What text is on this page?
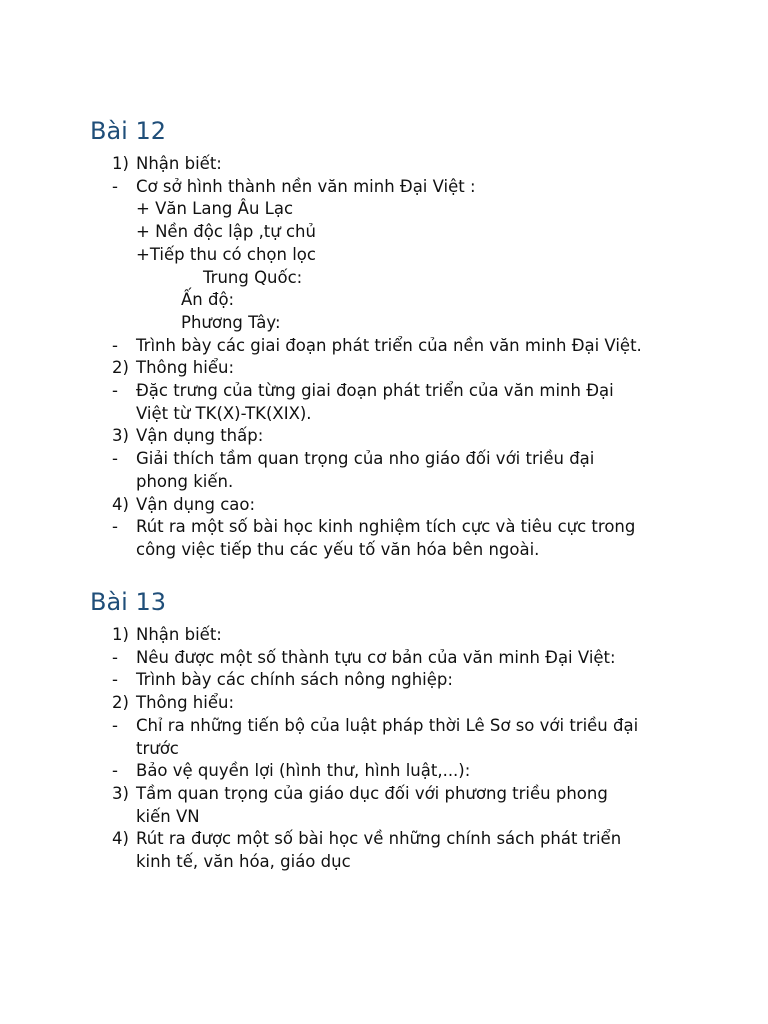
Bài 12
1) Nhận biết:
- Cơ sở hình thành nền văn minh Đại Việt :
+ Văn Lang Âu Lạc
+ Nền độc lập ,tự chủ
+Tiếp thu có chọn lọc
Trung Quốc:
Ấn độ:
Phương Tây:
- Trình bày các giai đoạn phát triển của nền văn minh Đại Việt.
2) Thông hiểu:
- Đặc trưng của từng giai đoạn phát triển của văn minh Đại
Việt từ TK(X)-TK(XIX).
3) Vận dụng thấp:
- Giải thích tầm quan trọng của nho giáo đối với triều đại
phong kiến.
4) Vận dụng cao:
- Rút ra một số bài học kinh nghiệm tích cực và tiêu cực trong
công việc tiếp thu các yếu tố văn hóa bên ngoài.
Bài 13
1) Nhận biết:
- Nêu được một số thành tựu cơ bản của văn minh Đại Việt:
- Trình bày các chính sách nông nghiệp:
2) Thông hiểu:
- Chỉ ra những tiến bộ của luật pháp thời Lê Sơ so với triều đại
trước
- Bảo vệ quyền lợi (hình thư, hình luật,...):
3) Tầm quan trọng của giáo dục đối với phương triều phong
kiến VN
4) Rút ra được một số bài học về những chính sách phát triển
kinh tế, văn hóa, giáo dục
